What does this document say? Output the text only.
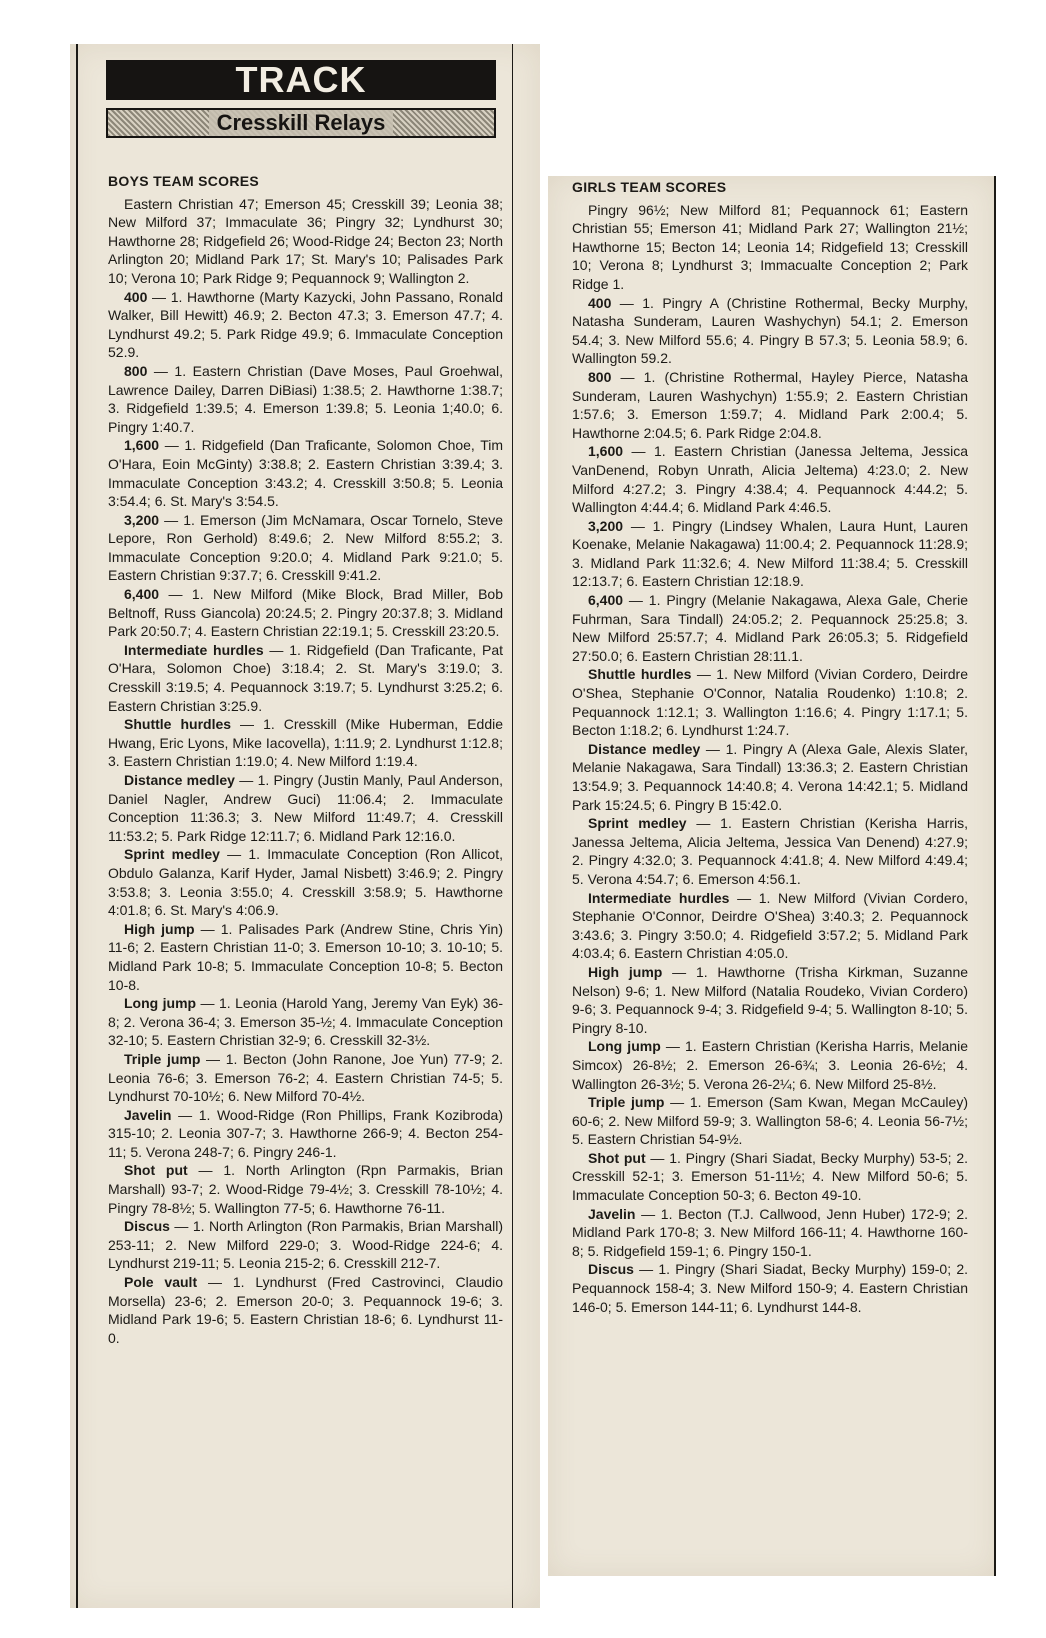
TRACK
Cresskill Relays
BOYS TEAM SCORES

Eastern Christian 47; Emerson 45; Cresskill 39; Leonia 38; New Milford 37; Immaculate 36; Pingry 32; Lyndhurst 30; Hawthorne 28; Ridgefield 26; Wood-Ridge 24; Becton 23; North Arlington 20; Midland Park 17; St. Mary's 10; Palisades Park 10; Verona 10; Park Ridge 9; Pequannock 9; Wallington 2.

400 — 1. Hawthorne (Marty Kazycki, John Passano, Ronald Walker, Bill Hewitt) 46.9; 2. Becton 47.3; 3. Emerson 47.7; 4. Lyndhurst 49.2; 5. Park Ridge 49.9; 6. Immaculate Conception 52.9.

800 — 1. Eastern Christian (Dave Moses, Paul Groehwal, Lawrence Dailey, Darren DiBiasi) 1:38.5; 2. Hawthorne 1:38.7; 3. Ridgefield 1:39.5; 4. Emerson 1:39.8; 5. Leonia 1;40.0; 6. Pingry 1:40.7.

1,600 — 1. Ridgefield (Dan Traficante, Solomon Choe, Tim O'Hara, Eoin McGinty) 3:38.8; 2. Eastern Christian 3:39.4; 3. Immaculate Conception 3:43.2; 4. Cresskill 3:50.8; 5. Leonia 3:54.4; 6. St. Mary's 3:54.5.

3,200 — 1. Emerson (Jim McNamara, Oscar Tornelo, Steve Lepore, Ron Gerhold) 8:49.6; 2. New Milford 8:55.2; 3. Immaculate Conception 9:20.0; 4. Midland Park 9:21.0; 5. Eastern Christian 9:37.7; 6. Cresskill 9:41.2.

6,400 — 1. New Milford (Mike Block, Brad Miller, Bob Beltnoff, Russ Giancola) 20:24.5; 2. Pingry 20:37.8; 3. Midland Park 20:50.7; 4. Eastern Christian 22:19.1; 5. Cresskill 23:20.5.

Intermediate hurdles — 1. Ridgefield (Dan Traficante, Pat O'Hara, Solomon Choe) 3:18.4; 2. St. Mary's 3:19.0; 3. Cresskill 3:19.5; 4. Pequannock 3:19.7; 5. Lyndhurst 3:25.2; 6. Eastern Christian 3:25.9.

Shuttle hurdles — 1. Cresskill (Mike Huberman, Eddie Hwang, Eric Lyons, Mike Iacovella), 1:11.9; 2. Lyndhurst 1:12.8; 3. Eastern Christian 1:19.0; 4. New Milford 1:19.4.

Distance medley — 1. Pingry (Justin Manly, Paul Anderson, Daniel Nagler, Andrew Guci) 11:06.4; 2. Immaculate Conception 11:36.3; 3. New Milford 11:49.7; 4. Cresskill 11:53.2; 5. Park Ridge 12:11.7; 6. Midland Park 12:16.0.

Sprint medley — 1. Immaculate Conception (Ron Allicot, Obdulo Galanza, Karif Hyder, Jamal Nisbett) 3:46.9; 2. Pingry 3:53.8; 3. Leonia 3:55.0; 4. Cresskill 3:58.9; 5. Hawthorne 4:01.8; 6. St. Mary's 4:06.9.

High jump — 1. Palisades Park (Andrew Stine, Chris Yin) 11-6; 2. Eastern Christian 11-0; 3. Emerson 10-10; 3. 10-10; 5. Midland Park 10-8; 5. Immaculate Conception 10-8; 5. Becton 10-8.

Long jump — 1. Leonia (Harold Yang, Jeremy Van Eyk) 36-8; 2. Verona 36-4; 3. Emerson 35-½; 4. Immaculate Conception 32-10; 5. Eastern Christian 32-9; 6. Cresskill 32-3½.

Triple jump — 1. Becton (John Ranone, Joe Yun) 77-9; 2. Leonia 76-6; 3. Emerson 76-2; 4. Eastern Christian 74-5; 5. Lyndhurst 70-10½; 6. New Milford 70-4½.

Javelin — 1. Wood-Ridge (Ron Phillips, Frank Kozibroda) 315-10; 2. Leonia 307-7; 3. Hawthorne 266-9; 4. Becton 254-11; 5. Verona 248-7; 6. Pingry 246-1.

Shot put — 1. North Arlington (Rpn Parmakis, Brian Marshall) 93-7; 2. Wood-Ridge 79-4½; 3. Cresskill 78-10½; 4. Pingry 78-8½; 5. Wallington 77-5; 6. Hawthorne 76-11.

Discus — 1. North Arlington (Ron Parmakis, Brian Marshall) 253-11; 2. New Milford 229-0; 3. Wood-Ridge 224-6; 4. Lyndhurst 219-11; 5. Leonia 215-2; 6. Cresskill 212-7.

Pole vault — 1. Lyndhurst (Fred Castrovinci, Claudio Morsella) 23-6; 2. Emerson 20-0; 3. Pequannock 19-6; 3. Midland Park 19-6; 5. Eastern Christian 18-6; 6. Lyndhurst 11-0.

GIRLS TEAM SCORES

Pingry 96½; New Milford 81; Pequannock 61; Eastern Christian 55; Emerson 41; Midland Park 27; Wallington 21½; Hawthorne 15; Becton 14; Leonia 14; Ridgefield 13; Cresskill 10; Verona 8; Lyndhurst 3; Immacualte Conception 2; Park Ridge 1.

400 — 1. Pingry A (Christine Rothermal, Becky Murphy, Natasha Sunderam, Lauren Washychyn) 54.1; 2. Emerson 54.4; 3. New Milford 55.6; 4. Pingry B 57.3; 5. Leonia 58.9; 6. Wallington 59.2.

800 — 1. (Christine Rothermal, Hayley Pierce, Natasha Sunderam, Lauren Washychyn) 1:55.9; 2. Eastern Christian 1:57.6; 3. Emerson 1:59.7; 4. Midland Park 2:00.4; 5. Hawthorne 2:04.5; 6. Park Ridge 2:04.8.

1,600 — 1. Eastern Christian (Janessa Jeltema, Jessica VanDenend, Robyn Unrath, Alicia Jeltema) 4:23.0; 2. New Milford 4:27.2; 3. Pingry 4:38.4; 4. Pequannock 4:44.2; 5. Wallington 4:44.4; 6. Midland Park 4:46.5.

3,200 — 1. Pingry (Lindsey Whalen, Laura Hunt, Lauren Koenake, Melanie Nakagawa) 11:00.4; 2. Pequannock 11:28.9; 3. Midland Park 11:32.6; 4. New Milford 11:38.4; 5. Cresskill 12:13.7; 6. Eastern Christian 12:18.9.

6,400 — 1. Pingry (Melanie Nakagawa, Alexa Gale, Cherie Fuhrman, Sara Tindall) 24:05.2; 2. Pequannock 25:25.8; 3. New Milford 25:57.7; 4. Midland Park 26:05.3; 5. Ridgefield 27:50.0; 6. Eastern Christian 28:11.1.

Shuttle hurdles — 1. New Milford (Vivian Cordero, Deirdre O'Shea, Stephanie O'Connor, Natalia Roudenko) 1:10.8; 2. Pequannock 1:12.1; 3. Wallington 1:16.6; 4. Pingry 1:17.1; 5. Becton 1:18.2; 6. Lyndhurst 1:24.7.

Distance medley — 1. Pingry A (Alexa Gale, Alexis Slater, Melanie Nakagawa, Sara Tindall) 13:36.3; 2. Eastern Christian 13:54.9; 3. Pequannock 14:40.8; 4. Verona 14:42.1; 5. Midland Park 15:24.5; 6. Pingry B 15:42.0.

Sprint medley — 1. Eastern Christian (Kerisha Harris, Janessa Jeltema, Alicia Jeltema, Jessica Van Denend) 4:27.9; 2. Pingry 4:32.0; 3. Pequannock 4:41.8; 4. New Milford 4:49.4; 5. Verona 4:54.7; 6. Emerson 4:56.1.

Intermediate hurdles — 1. New Milford (Vivian Cordero, Stephanie O'Connor, Deirdre O'Shea) 3:40.3; 2. Pequannock 3:43.6; 3. Pingry 3:50.0; 4. Ridgefield 3:57.2; 5. Midland Park 4:03.4; 6. Eastern Christian 4:05.0.

High jump — 1. Hawthorne (Trisha Kirkman, Suzanne Nelson) 9-6; 1. New Milford (Natalia Roudeko, Vivian Cordero) 9-6; 3. Pequannock 9-4; 3. Ridgefield 9-4; 5. Wallington 8-10; 5. Pingry 8-10.

Long jump — 1. Eastern Christian (Kerisha Harris, Melanie Simcox) 26-8½; 2. Emerson 26-6¾; 3. Leonia 26-6½; 4. Wallington 26-3½; 5. Verona 26-2¼; 6. New Milford 25-8½.

Triple jump — 1. Emerson (Sam Kwan, Megan McCauley) 60-6; 2. New Milford 59-9; 3. Wallington 58-6; 4. Leonia 56-7½; 5. Eastern Christian 54-9½.

Shot put — 1. Pingry (Shari Siadat, Becky Murphy) 53-5; 2. Cresskill 52-1; 3. Emerson 51-11½; 4. New Milford 50-6; 5. Immaculate Conception 50-3; 6. Becton 49-10.

Javelin — 1. Becton (T.J. Callwood, Jenn Huber) 172-9; 2. Midland Park 170-8; 3. New Milford 166-11; 4. Hawthorne 160-8; 5. Ridgefield 159-1; 6. Pingry 150-1.

Discus — 1. Pingry (Shari Siadat, Becky Murphy) 159-0; 2. Pequannock 158-4; 3. New Milford 150-9; 4. Eastern Christian 146-0; 5. Emerson 144-11; 6. Lyndhurst 144-8.
